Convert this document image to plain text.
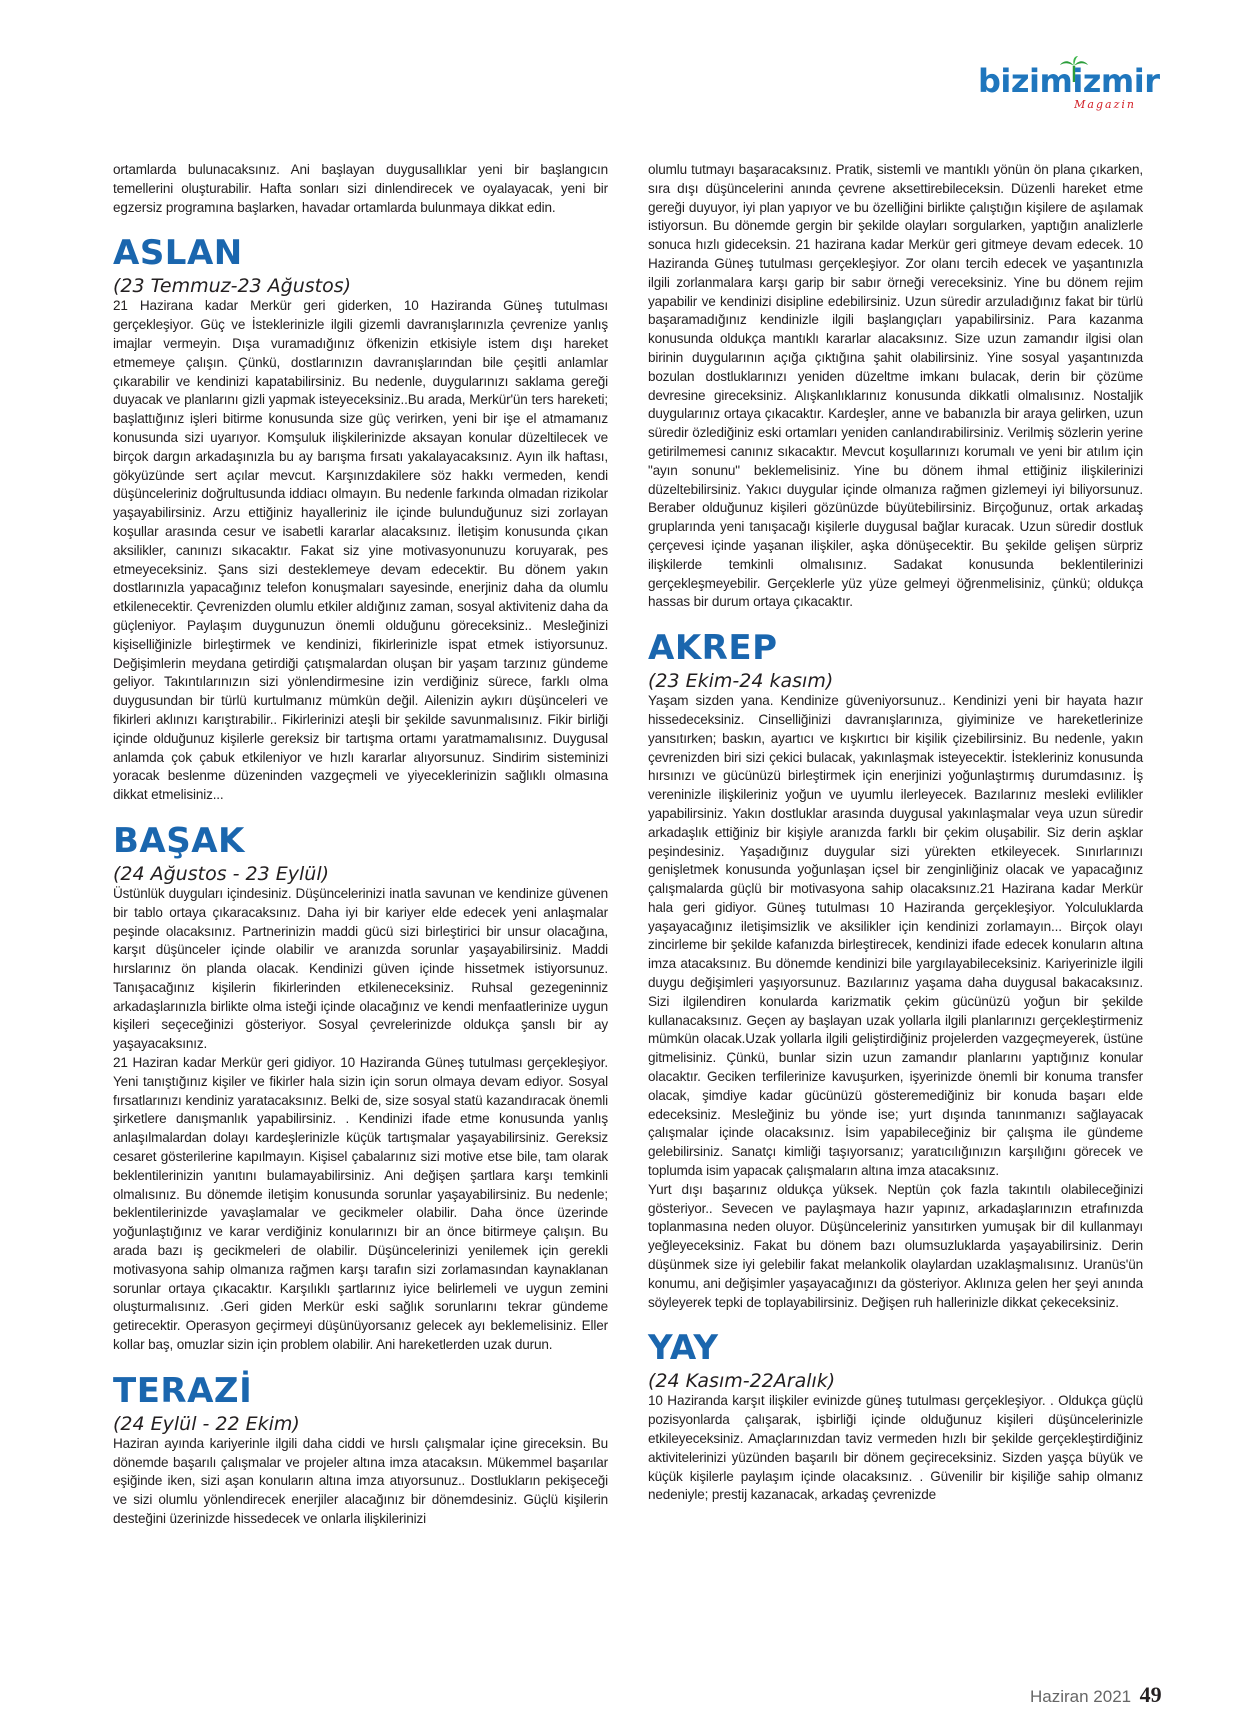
bizimizmir
Magazin

ortamlarda bulunacaksınız. Ani başlayan duygusallıklar yeni bir başlangıcın temellerini oluşturabilir. Hafta sonları sizi dinlendirecek ve oyalayacak, yeni bir egzersiz programına başlarken, havadar ortamlarda bulunmaya dikkat edin.

ASLAN
(23 Temmuz-23 Ağustos)

21 Hazirana kadar Merkür geri giderken, 10 Haziranda Güneş tutulması gerçekleşiyor. Güç ve İsteklerinizle ilgili gizemli davranışlarınızla çevrenize yanlış imajlar vermeyin. Dışa vuramadığınız öfkenizin etkisiyle istem dışı hareket etmemeye çalışın. Çünkü, dostlarınızın davranışlarından bile çeşitli anlamlar çıkarabilir ve kendinizi kapatabilirsiniz. Bu nedenle, duygularınızı saklama gereği duyacak ve planlarını gizli yapmak isteyeceksiniz..Bu arada, Merkür'ün ters hareketi; başlattığınız işleri bitirme konusunda size güç verirken, yeni bir işe el atmamanız konusunda sizi uyarıyor. Komşuluk ilişkilerinizde aksayan konular düzeltilecek ve birçok dargın arkadaşınızla bu ay barışma fırsatı yakalayacaksınız. Ayın ilk haftası, gökyüzünde sert açılar mevcut. Karşınızdakilere söz hakkı vermeden, kendi düşünceleriniz doğrultusunda iddiacı olmayın. Bu nedenle farkında olmadan rizikolar yaşayabilirsiniz. Arzu ettiğiniz hayalleriniz ile içinde bulunduğunuz sizi zorlayan koşullar arasında cesur ve isabetli kararlar alacaksınız. İletişim konusunda çıkan aksilikler, canınızı sıkacaktır. Fakat siz yine motivasyonunuzu koruyarak, pes etmeyeceksiniz. Şans sizi desteklemeye devam edecektir. Bu dönem yakın dostlarınızla yapacağınız telefon konuşmaları sayesinde, enerjiniz daha da olumlu etkilenecektir. Çevrenizden olumlu etkiler aldığınız zaman, sosyal aktiviteniz daha da güçleniyor. Paylaşım duygunuzun önemli olduğunu göreceksiniz.. Mesleğinizi kişiselliğinizle birleştirmek ve kendinizi, fikirlerinizle ispat etmek istiyorsunuz. Değişimlerin meydana getirdiği çatışmalardan oluşan bir yaşam tarzınız gündeme geliyor. Takıntılarınızın sizi yönlendirmesine izin verdiğiniz sürece, farklı olma duygusundan bir türlü kurtulmanız mümkün değil. Ailenizin aykırı düşünceleri ve fikirleri aklınızı karıştırabilir.. Fikirlerinizi ateşli bir şekilde savunmalısınız. Fikir birliği içinde olduğunuz kişilerle gereksiz bir tartışma ortamı yaratmamalısınız. Duygusal anlamda çok çabuk etkileniyor ve hızlı kararlar alıyorsunuz. Sindirim sisteminizi yoracak beslenme düzeninden vazgeçmeli ve yiyeceklerinizin sağlıklı olmasına dikkat etmelisiniz...

BAŞAK
(24 Ağustos - 23 Eylül)

Üstünlük duyguları içindesiniz. Düşüncelerinizi inatla savunan ve kendinize güvenen bir tablo ortaya çıkaracaksınız. Daha iyi bir kariyer elde edecek yeni anlaşmalar peşinde olacaksınız. Partnerinizin maddi gücü sizi birleştirici bir unsur olacağına, karşıt düşünceler içinde olabilir ve aranızda sorunlar yaşayabilirsiniz. Maddi hırslarınız ön planda olacak. Kendinizi güven içinde hissetmek istiyorsunuz. Tanışacağınız kişilerin fikirlerinden etkileneceksiniz. Ruhsal gezegeninniz arkadaşlarınızla birlikte olma isteği içinde olacağınız ve kendi menfaatlerinize uygun kişileri seçeceğinizi gösteriyor. Sosyal çevrelerinizde oldukça şanslı bir ay yaşayacaksınız.
21 Haziran kadar Merkür geri gidiyor. 10 Haziranda Güneş tutulması gerçekleşiyor. Yeni tanıştığınız kişiler ve fikirler hala sizin için sorun olmaya devam ediyor. Sosyal fırsatlarınızı kendiniz yaratacaksınız. Belki de, size sosyal statü kazandıracak önemli şirketlere danışmanlık yapabilirsiniz. . Kendinizi ifade etme konusunda yanlış anlaşılmalardan dolayı kardeşlerinizle küçük tartışmalar yaşayabilirsiniz. Gereksiz cesaret gösterilerine kapılmayın. Kişisel çabalarınız sizi motive etse bile, tam olarak beklentilerinizin yanıtını bulamayabilirsiniz. Ani değişen şartlara karşı temkinli olmalısınız. Bu dönemde iletişim konusunda sorunlar yaşayabilirsiniz. Bu nedenle; beklentilerinizde yavaşlamalar ve gecikmeler olabilir. Daha önce üzerinde yoğunlaştığınız ve karar verdiğiniz konularınızı bir an önce bitirmeye çalışın. Bu arada bazı iş gecikmeleri de olabilir. Düşüncelerinizi yenilemek için gerekli motivasyona sahip olmanıza rağmen karşı tarafın sizi zorlamasından kaynaklanan sorunlar ortaya çıkacaktır. Karşılıklı şartlarınız iyice belirlemeli ve uygun zemini oluşturmalısınız. .Geri giden Merkür eski sağlık sorunlarını tekrar gündeme getirecektir. Operasyon geçirmeyi düşünüyorsanız gelecek ayı beklemelisiniz. Eller kollar baş, omuzlar sizin için problem olabilir. Ani hareketlerden uzak durun.

TERAZİ
(24 Eylül - 22 Ekim)

Haziran ayında kariyerinle ilgili daha ciddi ve hırslı çalışmalar içine gireceksin. Bu dönemde başarılı çalışmalar ve projeler altına imza atacaksın. Mükemmel başarılar eşiğinde iken, sizi aşan konuların altına imza atıyorsunuz.. Dostlukların pekişeceği ve sizi olumlu yönlendirecek enerjiler alacağınız bir dönemdesiniz. Güçlü kişilerin desteğini üzerinizde hissedecek ve onlarla ilişkilerinizi

olumlu tutmayı başaracaksınız. Pratik, sistemli ve mantıklı yönün ön plana çıkarken, sıra dışı düşüncelerini anında çevrene aksettirebileceksin. Düzenli hareket etme gereği duyuyor, iyi plan yapıyor ve bu özelliğini birlikte çalıştığın kişilere de aşılamak istiyorsun. Bu dönemde gergin bir şekilde olayları sorgularken, yaptığın analizlerle sonuca hızlı gideceksin. 21 hazirana kadar Merkür geri gitmeye devam edecek. 10 Haziranda Güneş tutulması gerçekleşiyor. Zor olanı tercih edecek ve yaşantınızla ilgili zorlanmalara karşı garip bir sabır örneği vereceksiniz. Yine bu dönem rejim yapabilir ve kendinizi disipline edebilirsiniz. Uzun süredir arzuladığınız fakat bir türlü başaramadığınız kendinizle ilgili başlangıçları yapabilirsiniz. Para kazanma konusunda oldukça mantıklı kararlar alacaksınız. Size uzun zamandır ilgisi olan birinin duygularının açığa çıktığına şahit olabilirsiniz. Yine sosyal yaşantınızda bozulan dostluklarınızı yeniden düzeltme imkanı bulacak, derin bir çözüme devresine gireceksiniz. Alışkanlıklarınız konusunda dikkatli olmalısınız. Nostaljik duygularınız ortaya çıkacaktır. Kardeşler, anne ve babanızla bir araya gelirken, uzun süredir özlediğiniz eski ortamları yeniden canlandırabilirsiniz. Verilmiş sözlerin yerine getirilmemesi canınız sıkacaktır. Mevcut koşullarınızı korumalı ve yeni bir atılım için "ayın sonunu" beklemelisiniz. Yine bu dönem ihmal ettiğiniz ilişkilerinizi düzeltebilirsiniz. Yakıcı duygular içinde olmanıza rağmen gizlemeyi iyi biliyorsunuz. Beraber olduğunuz kişileri gözünüzde büyütebilirsiniz. Birçoğunuz, ortak arkadaş gruplarında yeni tanışacağı kişilerle duygusal bağlar kuracak. Uzun süredir dostluk çerçevesi içinde yaşanan ilişkiler, aşka dönüşecektir. Bu şekilde gelişen sürpriz ilişkilerde temkinli olmalısınız. Sadakat konusunda beklentilerinizi gerçekleşmeyebilir. Gerçeklerle yüz yüze gelmeyi öğrenmelisiniz, çünkü; oldukça hassas bir durum ortaya çıkacaktır.

AKREP
(23 Ekim-24 kasım)

Yaşam sizden yana. Kendinize güveniyorsunuz.. Kendinizi yeni bir hayata hazır hissedeceksiniz. Cinselliğinizi davranışlarınıza, giyiminize ve hareketlerinize yansıtırken; baskın, ayartıcı ve kışkırtıcı bir kişilik çizebilirsiniz. Bu nedenle, yakın çevrenizden biri sizi çekici bulacak, yakınlaşmak isteyecektir. İstekleriniz konusunda hırsınızı ve gücünüzü birleştirmek için enerjinizi yoğunlaştırmış durumdasınız. İş vereninizle ilişkileriniz yoğun ve uyumlu ilerleyecek. Bazılarınız mesleki evlilikler yapabilirsiniz. Yakın dostluklar arasında duygusal yakınlaşmalar veya uzun süredir arkadaşlık ettiğiniz bir kişiyle aranızda farklı bir çekim oluşabilir. Siz derin aşklar peşindesiniz. Yaşadığınız duygular sizi yürekten etkileyecek. Sınırlarınızı genişletmek konusunda yoğunlaşan içsel bir zenginliğiniz olacak ve yapacağınız çalışmalarda güçlü bir motivasyona sahip olacaksınız.21 Hazirana kadar Merkür hala geri gidiyor. Güneş tutulması 10 Haziranda gerçekleşiyor. Yolculuklarda yaşayacağınız iletişimsizlik ve aksilikler için kendinizi zorlamayın... Birçok olayı zincirleme bir şekilde kafanızda birleştirecek, kendinizi ifade edecek konuların altına imza atacaksınız. Bu dönemde kendinizi bile yargılayabileceksiniz. Kariyerinizle ilgili duygu değişimleri yaşıyorsunuz. Bazılarınız yaşama daha duygusal bakacaksınız. Sizi ilgilendiren konularda karizmatik çekim gücünüzü yoğun bir şekilde kullanacaksınız. Geçen ay başlayan uzak yollarla ilgili planlarınızı gerçekleştirmeniz mümkün olacak.Uzak yollarla ilgili geliştirdiğiniz projelerden vazgeçmeyerek, üstüne gitmelisiniz. Çünkü, bunlar sizin uzun zamandır planlarını yaptığınız konular olacaktır. Geciken terfilerinize kavuşurken, işyerinizde önemli bir konuma transfer olacak, şimdiye kadar gücünüzü gösteremediğiniz bir konuda başarı elde edeceksiniz. Mesleğiniz bu yönde ise; yurt dışında tanınmanızı sağlayacak çalışmalar içinde olacaksınız. İsim yapabileceğiniz bir çalışma ile gündeme gelebilirsiniz. Sanatçı kimliği taşıyorsanız; yaratıcılığınızın karşılığını görecek ve toplumda isim yapacak çalışmaların altına imza atacaksınız.
Yurt dışı başarınız oldukça yüksek. Neptün çok fazla takıntılı olabileceğinizi gösteriyor.. Sevecen ve paylaşmaya hazır yapınız, arkadaşlarınızın etrafınızda toplanmasına neden oluyor. Düşünceleriniz yansıtırken yumuşak bir dil kullanmayı yeğleyeceksiniz. Fakat bu dönem bazı olumsuzluklarda yaşayabilirsiniz. Derin düşünmek size iyi gelebilir fakat melankolik olaylardan uzaklaşmalısınız. Uranüs'ün konumu, ani değişimler yaşayacağınızı da gösteriyor. Aklınıza gelen her şeyi anında söyleyerek tepki de toplayabilirsiniz. Değişen ruh hallerinizle dikkat çekeceksiniz.

YAY
(24 Kasım-22Aralık)

10 Haziranda karşıt ilişkiler evinizde güneş tutulması gerçekleşiyor. . Oldukça güçlü pozisyonlarda çalışarak, işbirliği içinde olduğunuz kişileri düşüncelerinizle etkileyeceksiniz. Amaçlarınızdan taviz vermeden hızlı bir şekilde gerçekleştirdiğiniz aktivitelerinizi yüzünden başarılı bir dönem geçireceksiniz. Sizden yaşça büyük ve küçük kişilerle paylaşım içinde olacaksınız. . Güvenilir bir kişiliğe sahip olmanız nedeniyle; prestij kazanacak, arkadaş çevrenizde

Haziran 2021 49
